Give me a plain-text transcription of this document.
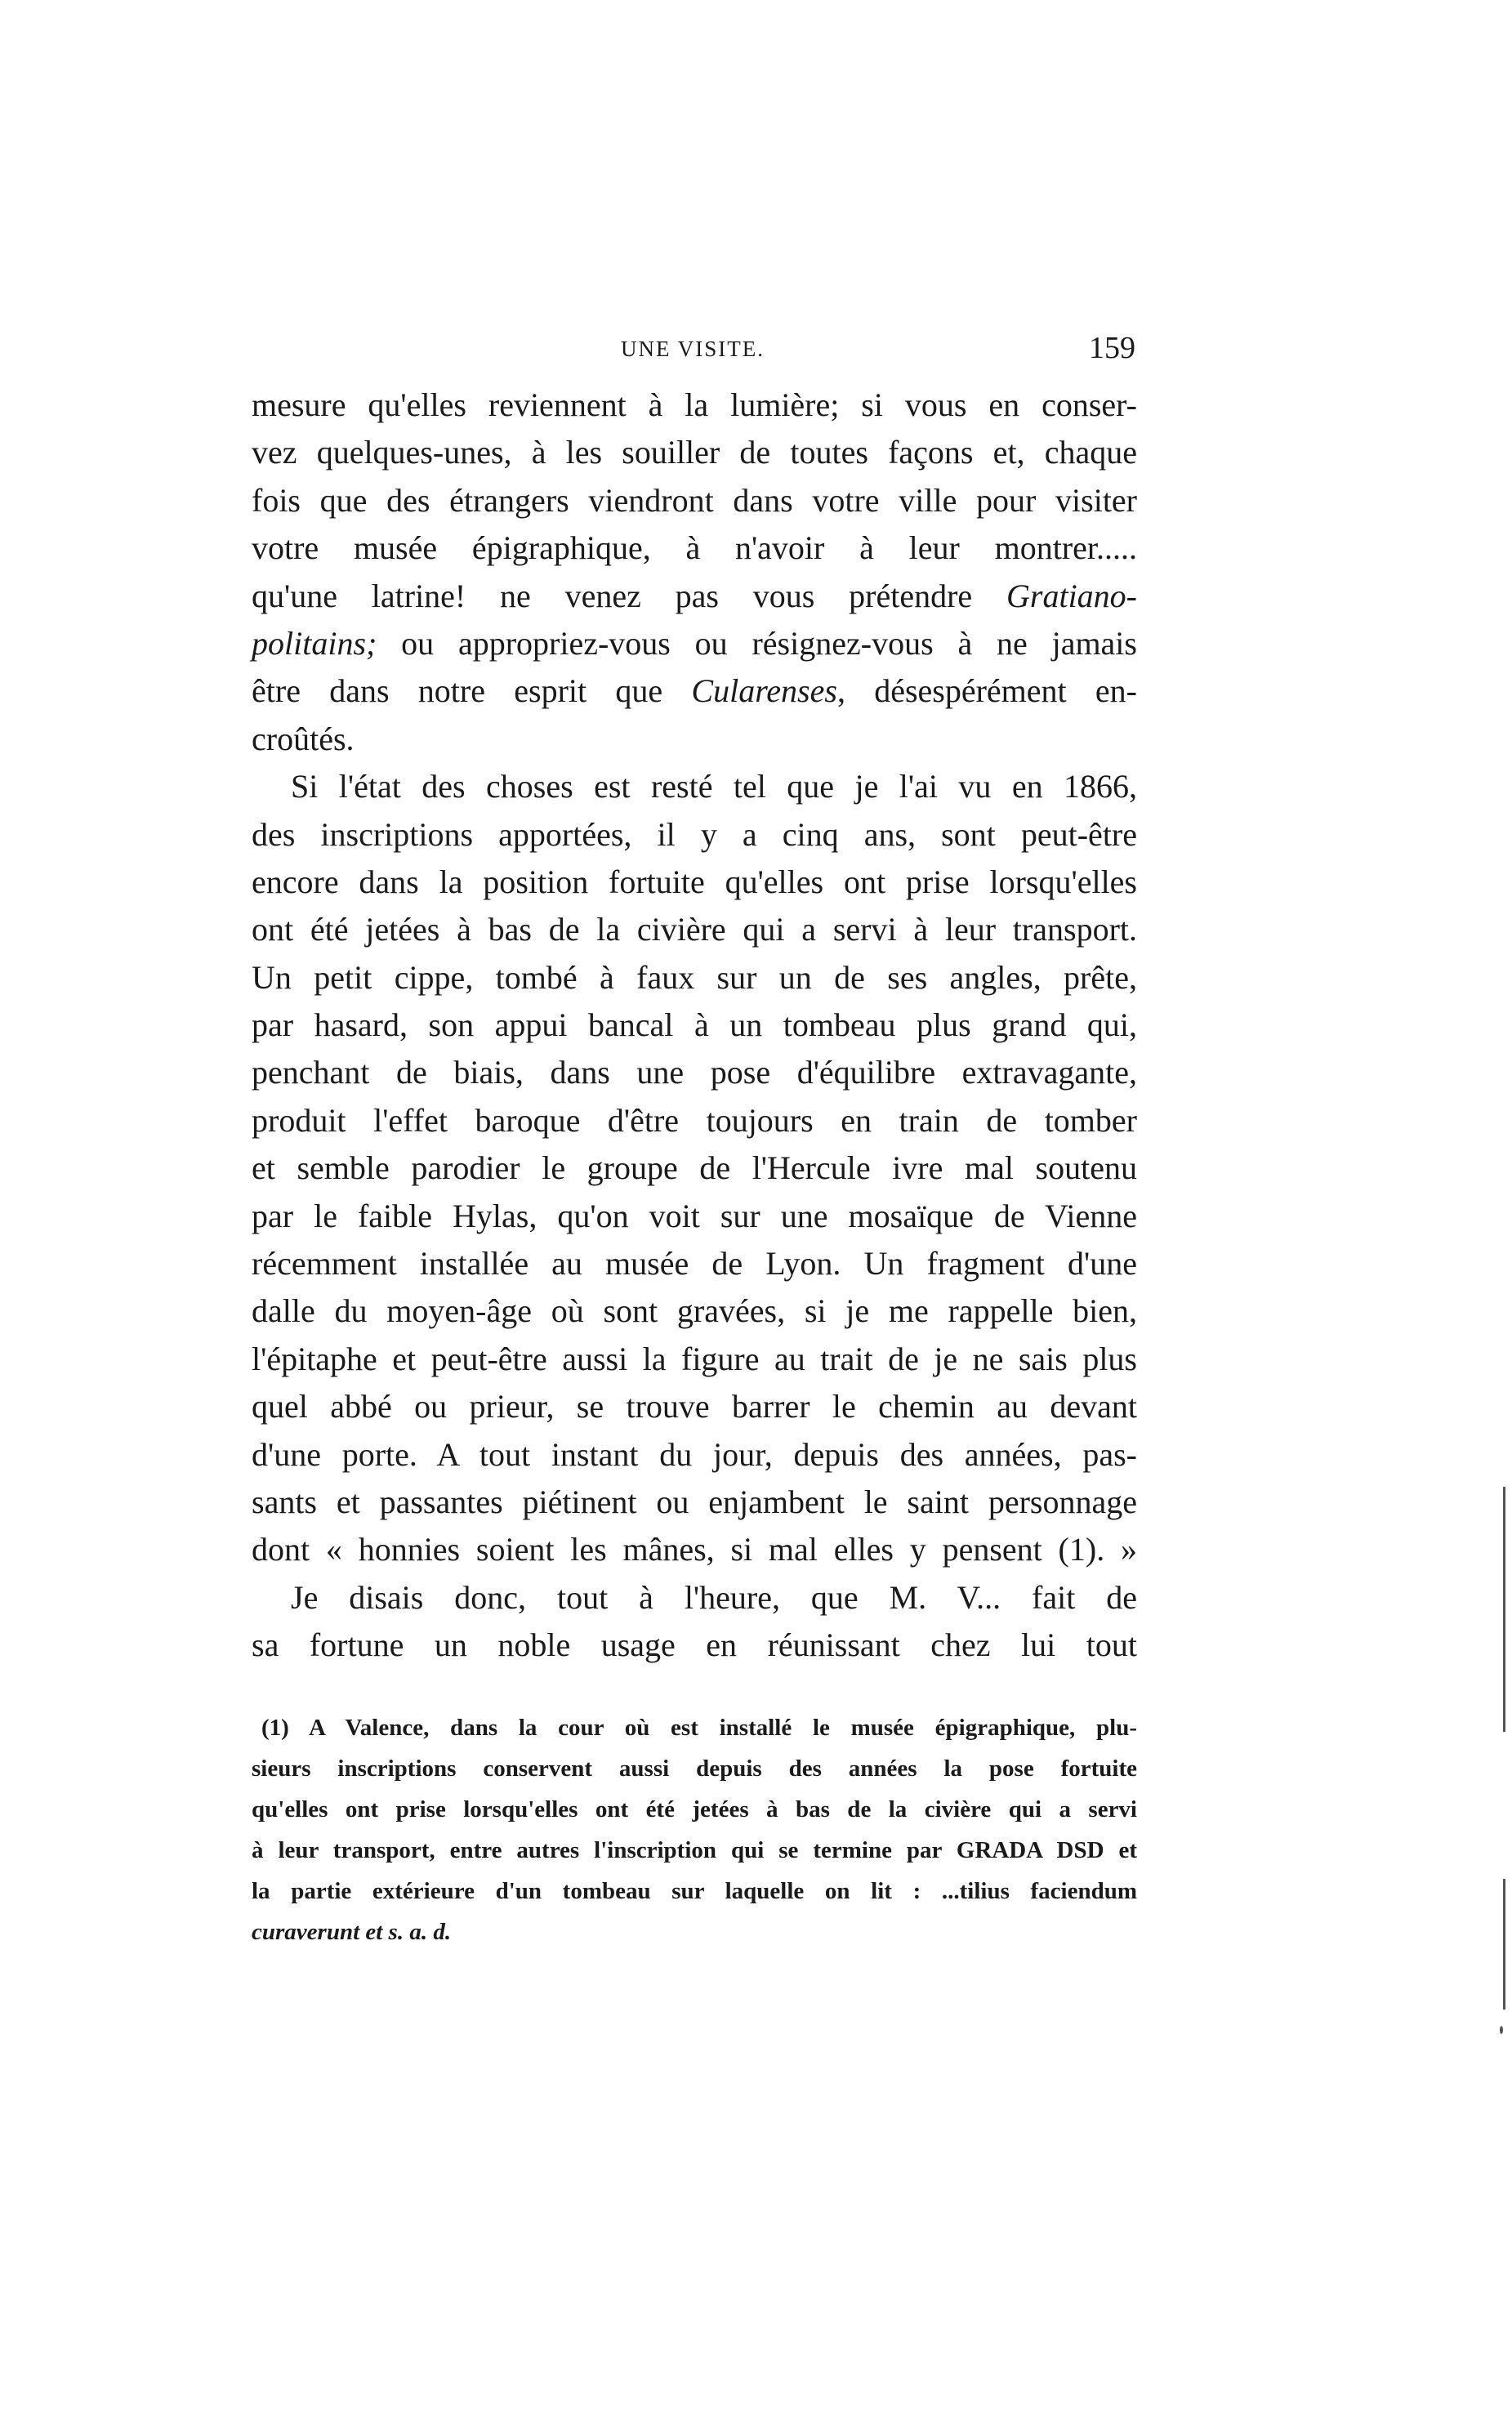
UNE VISITE.	159
mesure qu'elles reviennent à la lumière; si vous en conser-
vez quelques-unes, à les souiller de toutes façons et, chaque
fois que des étrangers viendront dans votre ville pour visiter
votre musée épigraphique, à n'avoir à leur montrer.....
qu'une latrine! ne venez pas vous prétendre Gratiano-
politains; ou appropriez-vous ou résignez-vous à ne jamais
être dans notre esprit que Cularenses, désespérément en-
croûtés.
Si l'état des choses est resté tel que je l'ai vu en 1866,
des inscriptions apportées, il y a cinq ans, sont peut-être
encore dans la position fortuite qu'elles ont prise lorsqu'elles
ont été jetées à bas de la civière qui a servi à leur transport.
Un petit cippe, tombé à faux sur un de ses angles, prête,
par hasard, son appui bancal à un tombeau plus grand qui,
penchant de biais, dans une pose d'équilibre extravagante,
produit l'effet baroque d'être toujours en train de tomber
et semble parodier le groupe de l'Hercule ivre mal soutenu
par le faible Hylas, qu'on voit sur une mosaïque de Vienne
récemment installée au musée de Lyon. Un fragment d'une
dalle du moyen-âge où sont gravées, si je me rappelle bien,
l'épitaphe et peut-être aussi la figure au trait de je ne sais plus
quel abbé ou prieur, se trouve barrer le chemin au devant
d'une porte. A tout instant du jour, depuis des années, pas-
sants et passantes piétinent ou enjambent le saint personnage
dont « honnies soient les mânes, si mal elles y pensent (1). »
Je disais donc, tout à l'heure, que M. V... fait de
sa fortune un noble usage en réunissant chez lui tout
(1) A Valence, dans la cour où est installé le musée épigraphique, plu-
sieurs inscriptions conservent aussi depuis des années la pose fortuite
qu'elles ont prise lorsqu'elles ont été jetées à bas de la civière qui a servi
à leur transport, entre autres l'inscription qui se termine par GRADA DSD et
la partie extérieure d'un tombeau sur laquelle on lit : ...tilius faciendum
curaverunt et s. a. d.
